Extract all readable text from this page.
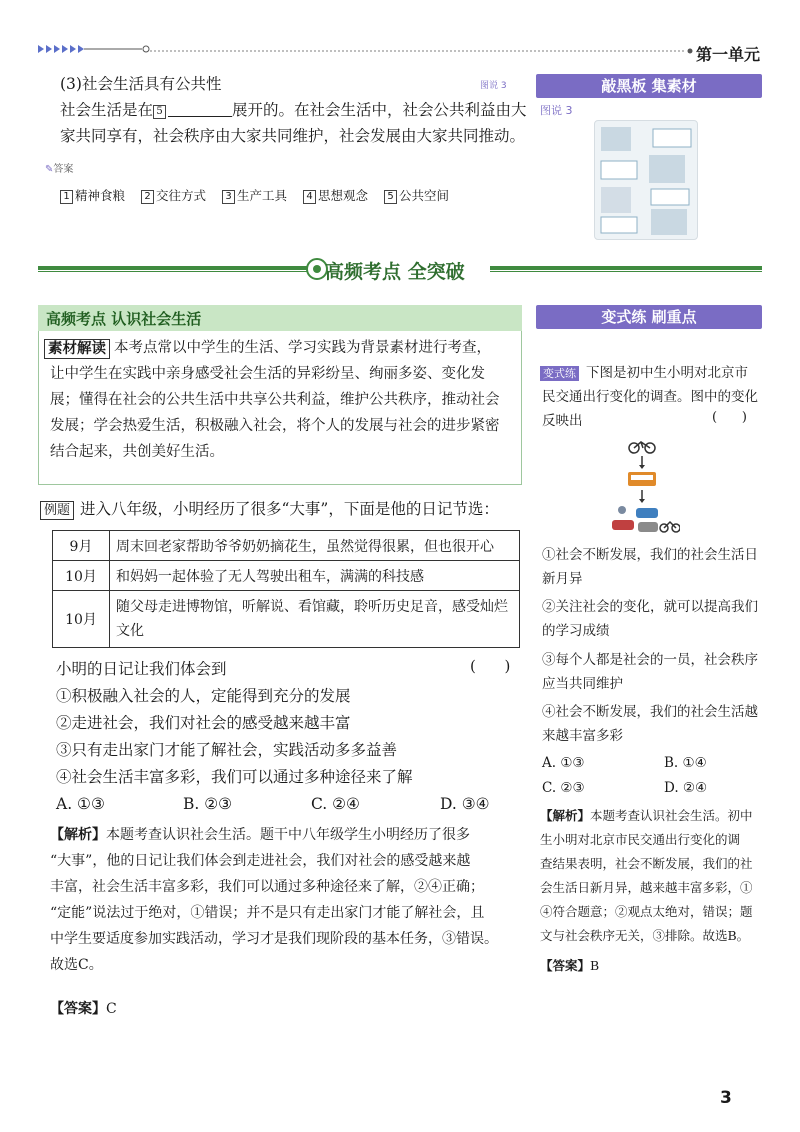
第一单元
(3)社会生活具有公共性	图说 3
社会生活是在 5	展开的。在社会生活中，社会公共利益由大
家共同享有，社会秩序由大家共同维护，社会发展由大家共同推动。
✎答案
1 精神食粮 2 交往方式 3 生产工具 4 思想观念 5 公共空间
敲黑板 集素材
图说 3
高频考点 全突破
高频考点 认识社会生活
素材解读 本考点常以中学生的生活、学习实践为背景素材进行考查，
让中学生在实践中亲身感受社会生活的异彩纷呈、绚丽多姿、变化发
展；懂得在社会的公共生活中共享公共利益，维护公共秩序，推动社会
发展；学会热爱生活，积极融入社会，将个人的发展与社会的进步紧密
结合起来，共创美好生活。
变式练 刷重点
例题 进入八年级，小明经历了很多“大事”，下面是他的日记节选：
9月	周末回老家帮助爷爷奶奶摘花生，虽然觉得很累，但也很开心
10月	和妈妈一起体验了无人驾驶出租车，满满的科技感
10月	随父母走进博物馆，听解说、看馆藏，聆听历史足音，感受灿烂文化
小明的日记让我们体会到	(      )
①积极融入社会的人，定能得到充分的发展
②走进社会，我们对社会的感受越来越丰富
③只有走出家门才能了解社会，实践活动多多益善
④社会生活丰富多彩，我们可以通过多种途径来了解
A. ①③	B. ②③	C. ②④	D. ③④
【解析】本题考查认识社会生活。题干中八年级学生小明经历了很多
“大事”，他的日记让我们体会到走进社会，我们对社会的感受越来越
丰富，社会生活丰富多彩，我们可以通过多种途径来了解，②④正确；
“定能”说法过于绝对，①错误；并不是只有走出家门才能了解社会，且
中学生要适度参加实践活动，学习才是我们现阶段的基本任务，③错误。
故选C。
【答案】C
变式练 下图是初中生小明对北京市
民交通出行变化的调查。图中的变化
反映出	(      )
①社会不断发展，我们的社会生活日
新月异
②关注社会的变化，就可以提高我们
的学习成绩
③每个人都是社会的一员，社会秩序
应当共同维护
④社会不断发展，我们的社会生活越
来越丰富多彩
A. ①③	B. ①④
C. ②③	D. ②④
【解析】本题考查认识社会生活。初中
生小明对北京市民交通出行变化的调
查结果表明，社会不断发展，我们的社
会生活日新月异，越来越丰富多彩，①
④符合题意；②观点太绝对，错误；题
文与社会秩序无关，③排除。故选B。
【答案】B
3
